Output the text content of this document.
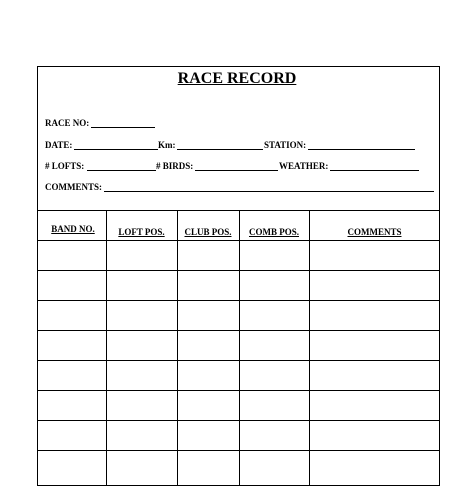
RACE RECORD
RACE NO:
DATE:	Km:	STATION:
# LOFTS:	# BIRDS:	WEATHER:
COMMENTS:
BAND NO.	LOFT POS.	CLUB POS.	COMB POS.	COMMENTS
